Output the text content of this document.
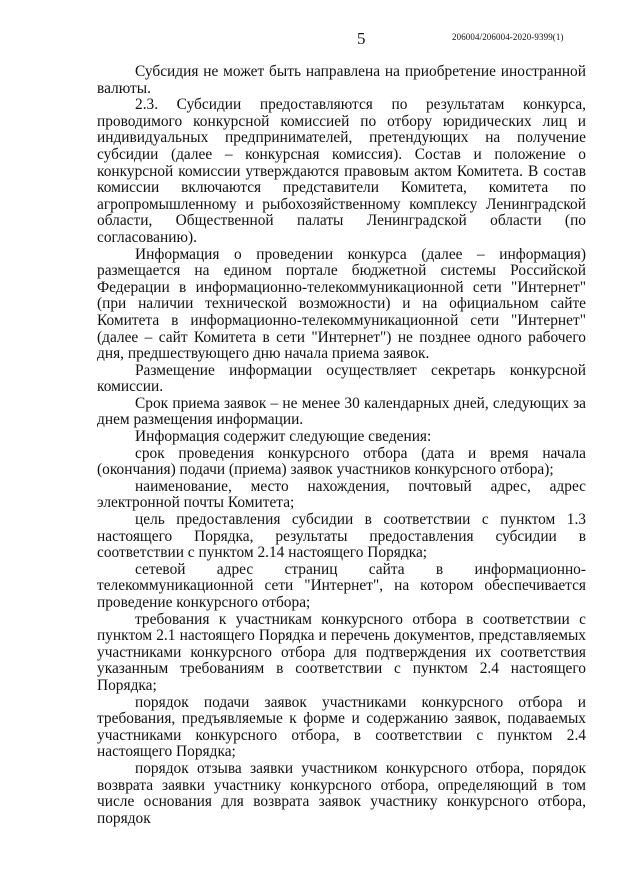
5	206004/206004-2020-9399(1)

Субсидия не может быть направлена на приобретение иностранной валюты.

2.3. Субсидии предоставляются по результатам конкурса, проводимого конкурсной комиссией по отбору юридических лиц и индивидуальных предпринимателей, претендующих на получение субсидии (далее – конкурсная комиссия). Состав и положение о конкурсной комиссии утверждаются правовым актом Комитета. В состав комиссии включаются представители Комитета, комитета по агропромышленному и рыбохозяйственному комплексу Ленинградской области, Общественной палаты Ленинградской области (по согласованию).

Информация о проведении конкурса (далее – информация) размещается на едином портале бюджетной системы Российской Федерации в информационно-телекоммуникационной сети "Интернет" (при наличии технической возможности) и на официальном сайте Комитета в информационно-телекоммуникационной сети "Интернет" (далее – сайт Комитета в сети "Интернет") не позднее одного рабочего дня, предшествующего дню начала приема заявок.

Размещение информации осуществляет секретарь конкурсной комиссии.

Срок приема заявок – не менее 30 календарных дней, следующих за днем размещения информации.

Информация содержит следующие сведения:

срок проведения конкурсного отбора (дата и время начала (окончания) подачи (приема) заявок участников конкурсного отбора);

наименование, место нахождения, почтовый адрес, адрес электронной почты Комитета;

цель предоставления субсидии в соответствии с пунктом 1.3 настоящего Порядка, результаты предоставления субсидии в соответствии с пунктом 2.14 настоящего Порядка;

сетевой адрес страниц сайта в информационно-телекоммуникационной сети "Интернет", на котором обеспечивается проведение конкурсного отбора;

требования к участникам конкурсного отбора в соответствии с пунктом 2.1 настоящего Порядка и перечень документов, представляемых участниками конкурсного отбора для подтверждения их соответствия указанным требованиям в соответствии с пунктом 2.4 настоящего Порядка;

порядок подачи заявок участниками конкурсного отбора и требования, предъявляемые к форме и содержанию заявок, подаваемых участниками конкурсного отбора, в соответствии с пунктом 2.4 настоящего Порядка;

порядок отзыва заявки участником конкурсного отбора, порядок возврата заявки участнику конкурсного отбора, определяющий в том числе основания для возврата заявок участнику конкурсного отбора, порядок
